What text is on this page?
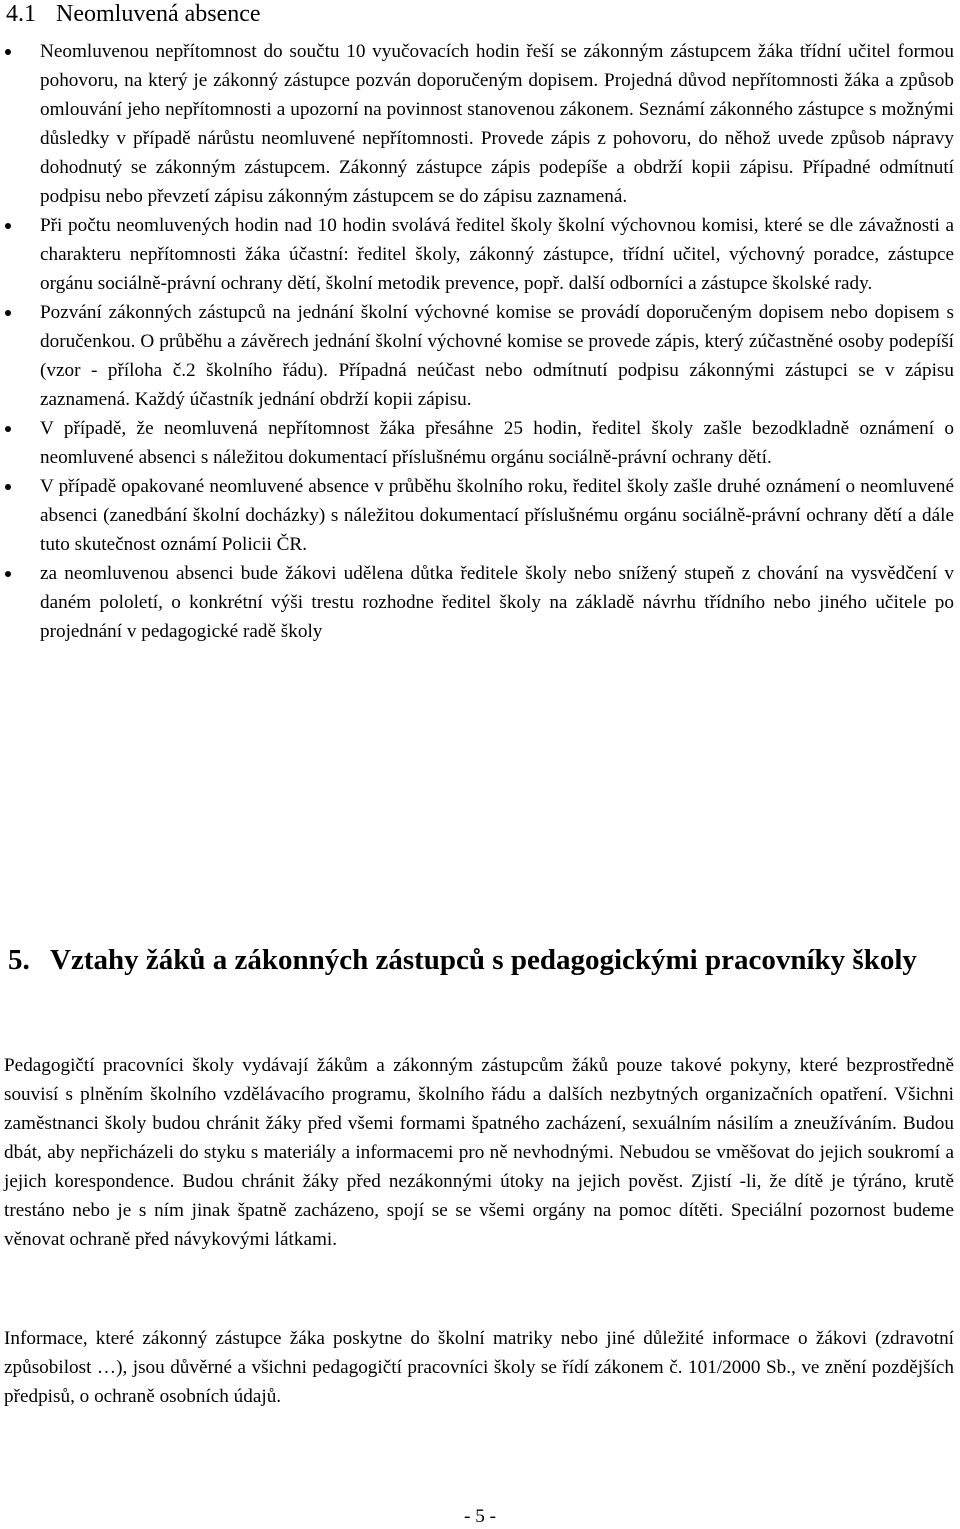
4.1 Neomluvená absence
Neomluvenou nepřítomnost do součtu 10 vyučovacích hodin řeší se zákonným zástupcem žáka třídní učitel formou pohovoru, na který je zákonný zástupce pozván doporučeným dopisem. Projedná důvod nepřítomnosti žáka a způsob omlouvání jeho nepřítomnosti a upozorní na povinnost stanovenou zákonem. Seznámí zákonného zástupce s možnými důsledky v případě nárůstu neomluvené nepřítomnosti. Provede zápis z pohovoru, do něhož uvede způsob nápravy dohodnutý se zákonným zástupcem. Zákonný zástupce zápis podepíše a obdrží kopii zápisu. Případné odmítnutí podpisu nebo převzetí zápisu zákonným zástupcem se do zápisu zaznamená.
Při počtu neomluvených hodin nad 10 hodin svolává ředitel školy školní výchovnou komisi, které se dle závažnosti a charakteru nepřítomnosti žáka účastní: ředitel školy, zákonný zástupce, třídní učitel, výchovný poradce, zástupce orgánu sociálně-právní ochrany dětí, školní metodik prevence, popř. další odborníci a zástupce školské rady.
Pozvání zákonných zástupců na jednání školní výchovné komise se provádí doporučeným dopisem nebo dopisem s doručenkou. O průběhu a závěrech jednání školní výchovné komise se provede zápis, který zúčastněné osoby podepíší (vzor - příloha č.2 školního řádu). Případná neúčast nebo odmítnutí podpisu zákonnými zástupci se v zápisu zaznamená. Každý účastník jednání obdrží kopii zápisu.
V případě, že neomluvená nepřítomnost žáka přesáhne 25 hodin, ředitel školy zašle bezodkladně oznámení o neomluvené absenci s náležitou dokumentací příslušnému orgánu sociálně-právní ochrany dětí.
V případě opakované neomluvené absence v průběhu školního roku, ředitel školy zašle druhé oznámení o neomluvené absenci (zanedbání školní docházky) s náležitou dokumentací příslušnému orgánu sociálně-právní ochrany dětí a dále tuto skutečnost oznámí Policii ČR.
za neomluvenou absenci bude žákovi udělena důtka ředitele školy nebo snížený stupeň z chování na vysvědčení v daném pololetí, o konkrétní výši trestu rozhodne ředitel školy na základě návrhu třídního nebo jiného učitele po projednání v pedagogické radě školy
5. Vztahy žáků a zákonných zástupců s pedagogickými pracovníky školy

Pedagogičtí pracovníci školy vydávají žákům a zákonným zástupcům žáků pouze takové pokyny, které bezprostředně souvisí s plněním školního vzdělávacího programu, školního řádu a dalších nezbytných organizačních opatření. Všichni zaměstnanci školy budou chránit žáky před všemi formami špatného zacházení, sexuálním násilím a zneužíváním. Budou dbát, aby nepřicházeli do styku s materiály a informacemi pro ně nevhodnými. Nebudou se vměšovat do jejich soukromí a jejich korespondence. Budou chránit žáky před nezákonnými útoky na jejich pověst. Zjistí -li, že dítě je týráno, krutě trestáno nebo je s ním jinak špatně zacházeno, spojí se se všemi orgány na pomoc dítěti. Speciální pozornost budeme věnovat ochraně před návykovými látkami.

Informace, které zákonný zástupce žáka poskytne do školní matriky nebo jiné důležité informace o žákovi (zdravotní způsobilost …), jsou důvěrné a všichni pedagogičtí pracovníci školy se řídí zákonem č. 101/2000 Sb., ve znění pozdějších předpisů, o ochraně osobních údajů.

- 5 -
